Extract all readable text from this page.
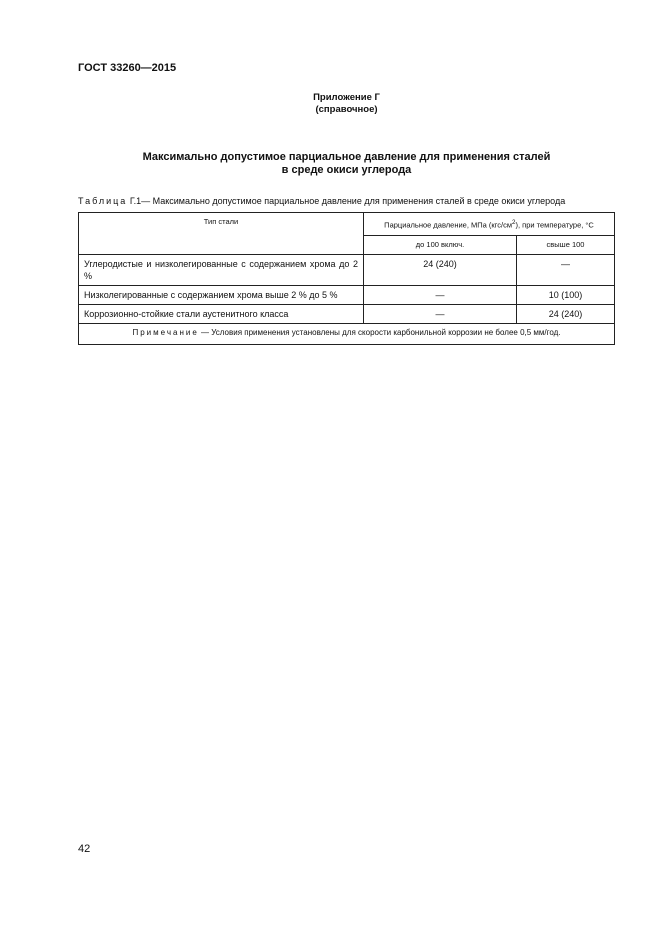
ГОСТ 33260—2015
Приложение Г
(справочное)
Максимально допустимое парциальное давление для применения сталей
в среде окиси углерода
Таблица Г.1— Максимально допустимое парциальное давление для применения сталей в среде окиси углерода
Тип стали	Парциальное давление, МПа $(кгс/см^2)$, при температуре, °С	
	до 100 включ.	свыше 100
Углеродистые и низколегированные с содержанием хрома до 2 %	24 (240)	—
Низколегированные с содержанием хрома выше 2 % до 5 %	—	10 (100)
Коррозионно-стойкие стали аустенитного класса	—	24 (240)
Примечание — Условия применения установлены для скорости карбонильной коррозии не более 0,5 мм/год.		
42
